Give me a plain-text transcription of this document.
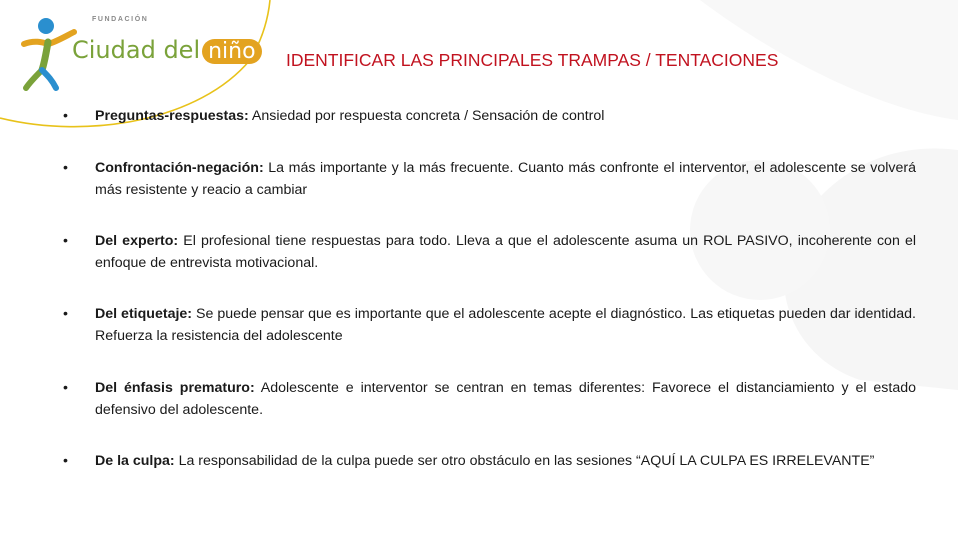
FUNDACIÓN
Ciudad del niño	IDENTIFICAR LAS PRINCIPALES TRAMPAS / TENTACIONES
• Preguntas-respuestas: Ansiedad por respuesta concreta / Sensación de control
• Confrontación-negación: La más importante y la más frecuente. Cuanto más confronte el interventor, el adolescente se volverá más resistente y reacio a cambiar
• Del experto: El profesional tiene respuestas para todo. Lleva a que el adolescente asuma un ROL PASIVO, incoherente con el enfoque de entrevista motivacional.
• Del etiquetaje: Se puede pensar que es importante que el adolescente acepte el diagnóstico. Las etiquetas pueden dar identidad. Refuerza la resistencia del adolescente
• Del énfasis prematuro: Adolescente e interventor se centran en temas diferentes: Favorece el distanciamiento y el estado defensivo del adolescente.
• De la culpa: La responsabilidad de la culpa puede ser otro obstáculo en las sesiones “AQUÍ LA CULPA ES IRRELEVANTE”
